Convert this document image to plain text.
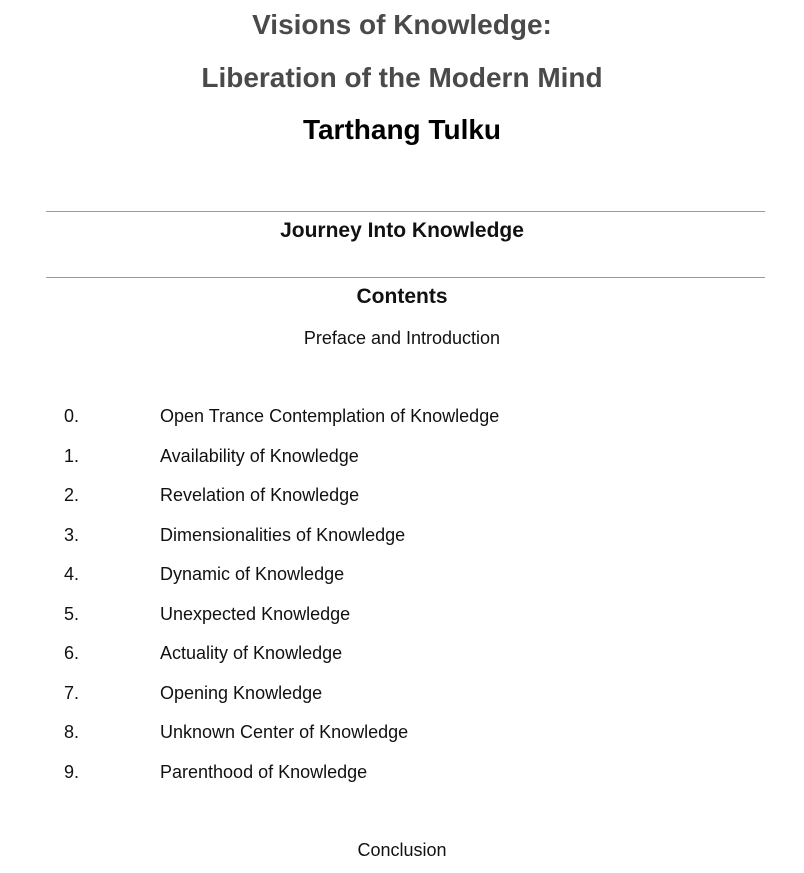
Visions of Knowledge:
Liberation of the Modern Mind
Tarthang Tulku
Journey Into Knowledge
Contents
Preface and Introduction
0.	Open Trance Contemplation of Knowledge
1.	Availability of Knowledge
2.	Revelation of Knowledge
3.	Dimensionalities of Knowledge
4.	Dynamic of Knowledge
5.	Unexpected Knowledge
6.	Actuality of Knowledge
7.	Opening Knowledge
8.	Unknown Center of Knowledge
9.	Parenthood of Knowledge
Conclusion
